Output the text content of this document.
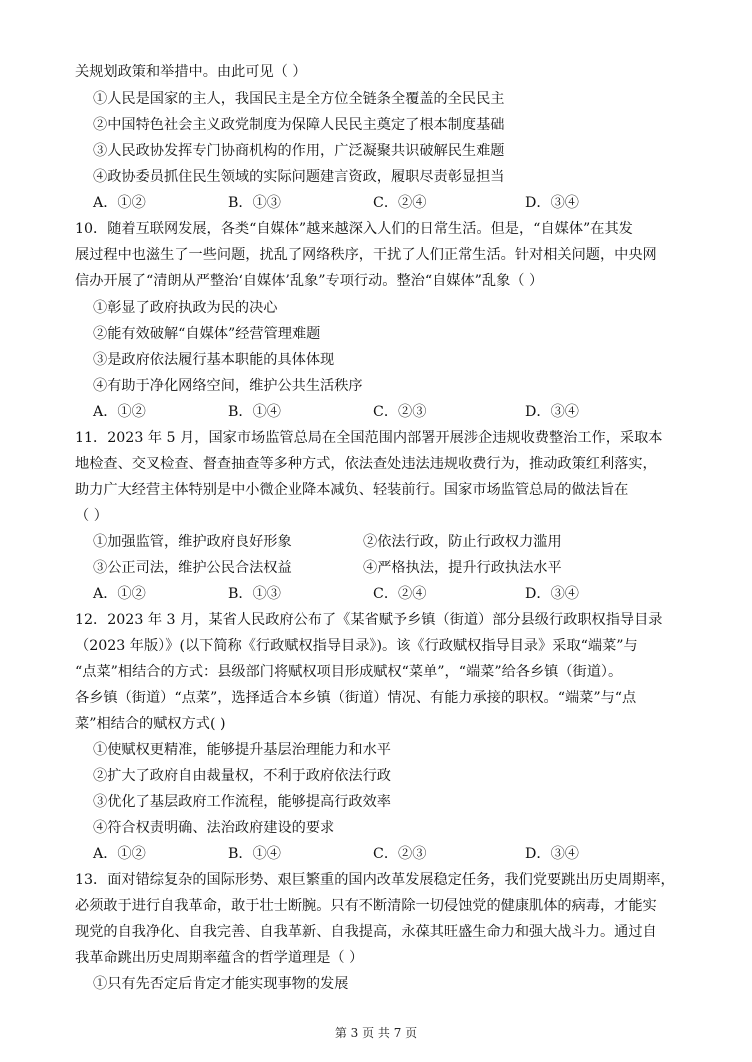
关规划政策和举措中。由此可见（ ）
①人民是国家的主人，我国民主是全方位全链条全覆盖的全民民主
②中国特色社会主义政党制度为保障人民民主奠定了根本制度基础
③人民政协发挥专门协商机构的作用，广泛凝聚共识破解民生难题
④政协委员抓住民生领域的实际问题建言资政，履职尽责彰显担当
A．①②	B．①③	C．②④	D．③④
10．随着互联网发展，各类“自媒体”越来越深入人们的日常生活。但是，“自媒体”在其发
展过程中也滋生了一些问题，扰乱了网络秩序，干扰了人们正常生活。针对相关问题，中央网
信办开展了“清朗从严整治‘自媒体’乱象”专项行动。整治“自媒体”乱象（ ）
①彰显了政府执政为民的决心
②能有效破解“自媒体”经营管理难题
③是政府依法履行基本职能的具体体现
④有助于净化网络空间，维护公共生活秩序
A．①②	B．①④	C．②③	D．③④
11．2023 年 5 月，国家市场监管总局在全国范围内部署开展涉企违规收费整治工作，采取本
地检查、交叉检查、督查抽查等多种方式，依法查处违法违规收费行为，推动政策红利落实，
助力广大经营主体特别是中小微企业降本减负、轻装前行。国家市场监管总局的做法旨在
（ ）
①加强监管，维护政府良好形象	②依法行政，防止行政权力滥用
③公正司法，维护公民合法权益	④严格执法，提升行政执法水平
A．①②	B．①③	C．②④	D．③④
12．2023 年 3 月，某省人民政府公布了《某省赋予乡镇（街道）部分县级行政职权指导目录
（2023 年版）》(以下简称《行政赋权指导目录》)。该《行政赋权指导目录》采取“端菜”与
“点菜”相结合的方式：县级部门将赋权项目形成赋权“菜单”，“端菜”给各乡镇（街道）。
各乡镇（街道）“点菜”，选择适合本乡镇（街道）情况、有能力承接的职权。“端菜”与“点
菜”相结合的赋权方式( )
①使赋权更精准，能够提升基层治理能力和水平
②扩大了政府自由裁量权，不利于政府依法行政
③优化了基层政府工作流程，能够提高行政效率
④符合权责明确、法治政府建设的要求
A．①②	B．①④	C．②③	D．③④
13．面对错综复杂的国际形势、艰巨繁重的国内改革发展稳定任务，我们党要跳出历史周期率，
必须敢于进行自我革命，敢于壮士断腕。只有不断清除一切侵蚀党的健康肌体的病毒，才能实
现党的自我净化、自我完善、自我革新、自我提高，永葆其旺盛生命力和强大战斗力。通过自
我革命跳出历史周期率蕴含的哲学道理是（ ）
①只有先否定后肯定才能实现事物的发展
第 3 页 共 7 页
